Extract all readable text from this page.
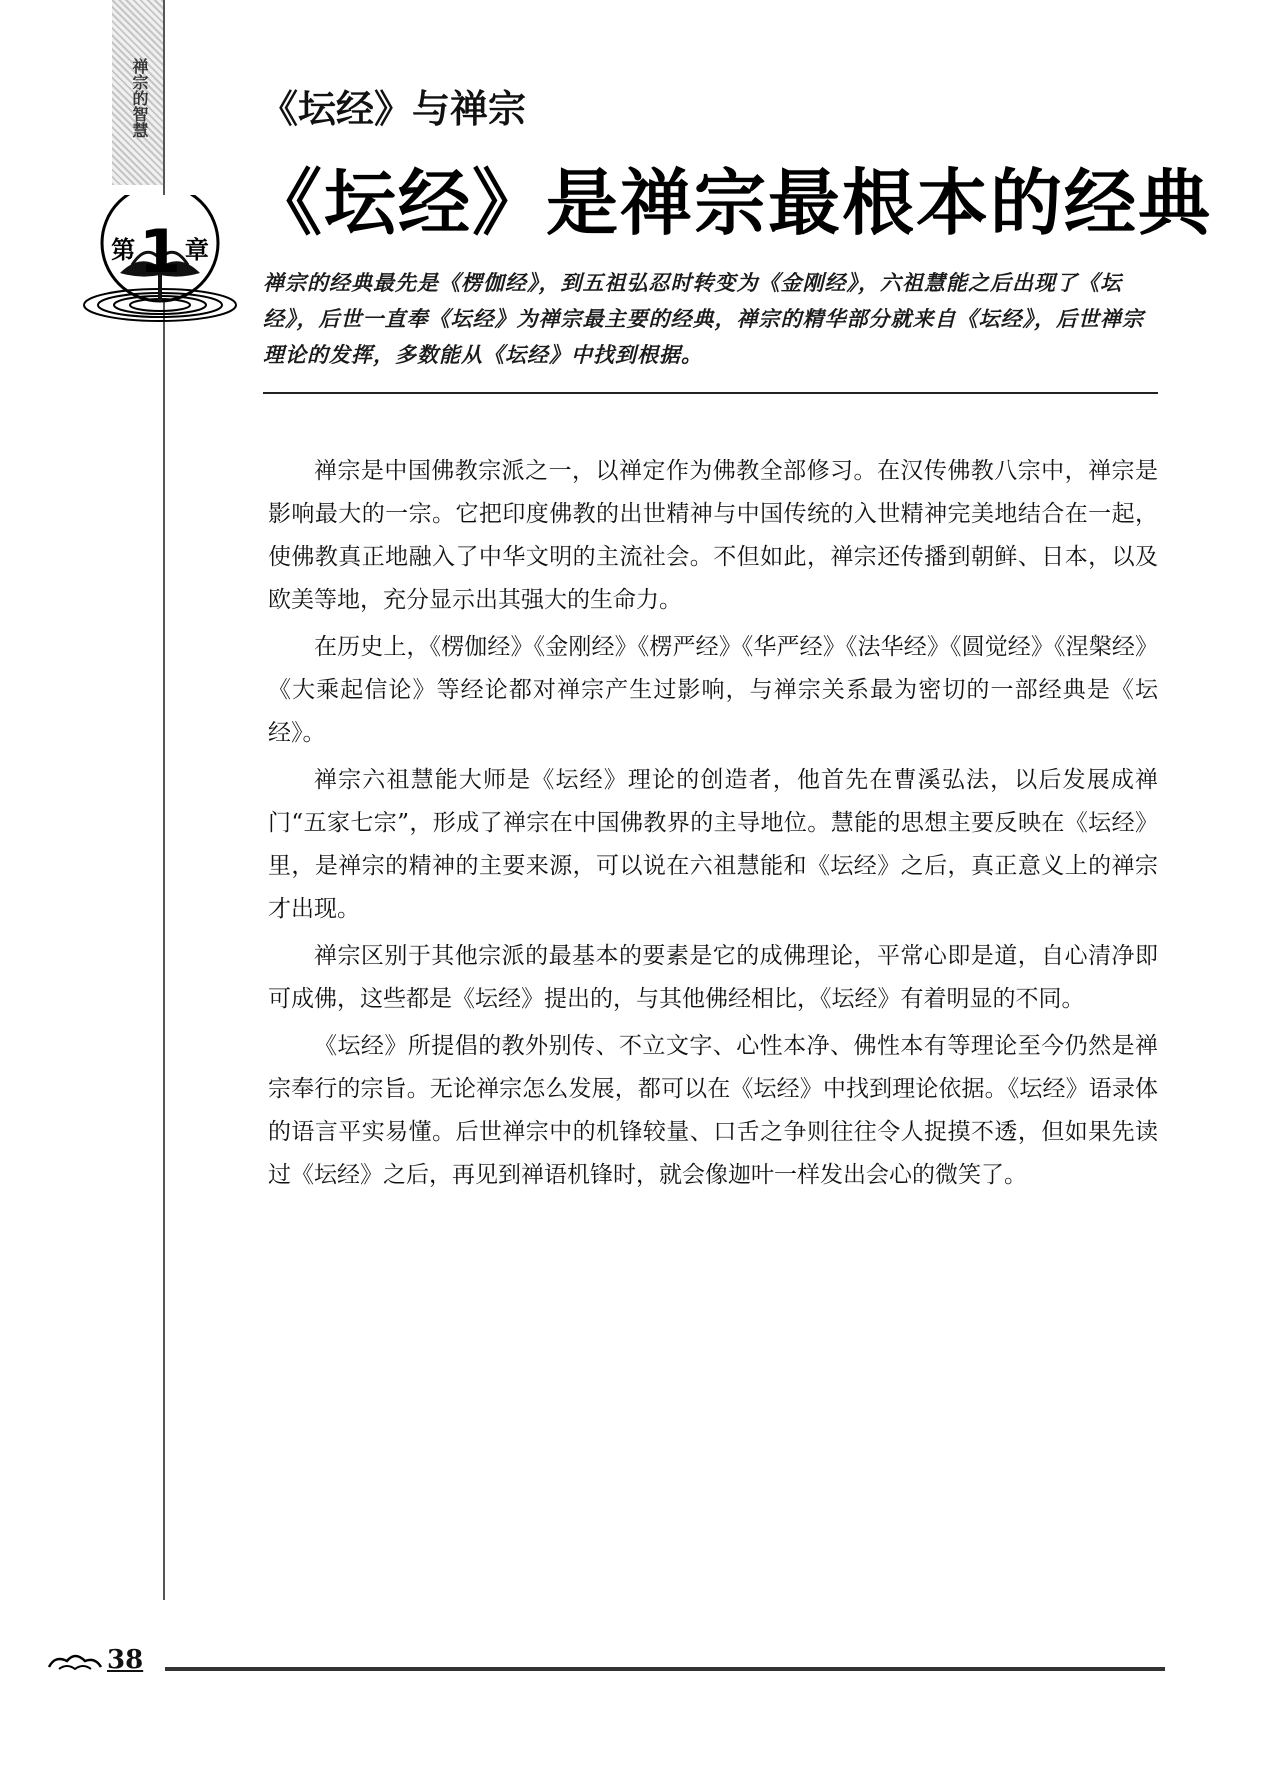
禅宗的智慧
第1 章
《坛经》与禅宗
《坛经》是禅宗最根本的经典
禅宗的经典最先是《楞伽经》，到五祖弘忍时转变为《金刚经》，六祖慧能之后出现了《坛经》，后世一直奉《坛经》为禅宗最主要的经典，禅宗的精华部分就来自《坛经》，后世禅宗理论的发挥，多数能从《坛经》中找到根据。

禅宗是中国佛教宗派之一，以禅定作为佛教全部修习。在汉传佛教八宗中，禅宗是影响最大的一宗。它把印度佛教的出世精神与中国传统的入世精神完美地结合在一起，使佛教真正地融入了中华文明的主流社会。不但如此，禅宗还传播到朝鲜、日本，以及欧美等地，充分显示出其强大的生命力。

在历史上，《楞伽经》《金刚经》《楞严经》《华严经》《法华经》《圆觉经》《涅槃经》《大乘起信论》等经论都对禅宗产生过影响，与禅宗关系最为密切的一部经典是《坛经》。

禅宗六祖慧能大师是《坛经》理论的创造者，他首先在曹溪弘法，以后发展成禅门“五家七宗”，形成了禅宗在中国佛教界的主导地位。慧能的思想主要反映在《坛经》里，是禅宗的精神的主要来源，可以说在六祖慧能和《坛经》之后，真正意义上的禅宗才出现。

禅宗区别于其他宗派的最基本的要素是它的成佛理论，平常心即是道，自心清净即可成佛，这些都是《坛经》提出的，与其他佛经相比，《坛经》有着明显的不同。

《坛经》所提倡的教外别传、不立文字、心性本净、佛性本有等理论至今仍然是禅宗奉行的宗旨。无论禅宗怎么发展，都可以在《坛经》中找到理论依据。《坛经》语录体的语言平实易懂。后世禅宗中的机锋较量、口舌之争则往往令人捉摸不透，但如果先读过《坛经》之后，再见到禅语机锋时，就会像迦叶一样发出会心的微笑了。

38
